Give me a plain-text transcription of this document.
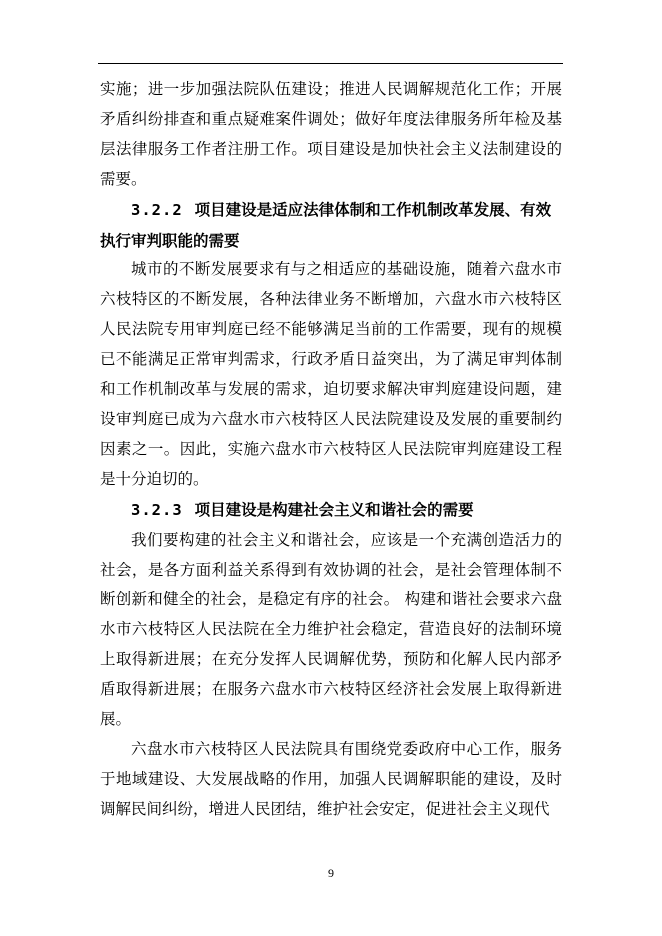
实施；进一步加强法院队伍建设；推进人民调解规范化工作；开展矛盾纠纷排查和重点疑难案件调处；做好年度法律服务所年检及基层法律服务工作者注册工作。项目建设是加快社会主义法制建设的需要。

3.2.2 项目建设是适应法律体制和工作机制改革发展、有效执行审判职能的需要

城市的不断发展要求有与之相适应的基础设施，随着六盘水市六枝特区的不断发展，各种法律业务不断增加，六盘水市六枝特区人民法院专用审判庭已经不能够满足当前的工作需要，现有的规模已不能满足正常审判需求，行政矛盾日益突出，为了满足审判体制和工作机制改革与发展的需求，迫切要求解决审判庭建设问题，建设审判庭已成为六盘水市六枝特区人民法院建设及发展的重要制约因素之一。因此，实施六盘水市六枝特区人民法院审判庭建设工程是十分迫切的。

3.2.3 项目建设是构建社会主义和谐社会的需要

我们要构建的社会主义和谐社会，应该是一个充满创造活力的社会，是各方面利益关系得到有效协调的社会，是社会管理体制不断创新和健全的社会，是稳定有序的社会。 构建和谐社会要求六盘水市六枝特区人民法院在全力维护社会稳定，营造良好的法制环境上取得新进展；在充分发挥人民调解优势，预防和化解人民内部矛盾取得新进展；在服务六盘水市六枝特区经济社会发展上取得新进展。

六盘水市六枝特区人民法院具有围绕党委政府中心工作，服务于地域建设、大发展战略的作用，加强人民调解职能的建设，及时调解民间纠纷，增进人民团结，维护社会安定，促进社会主义现代

9
